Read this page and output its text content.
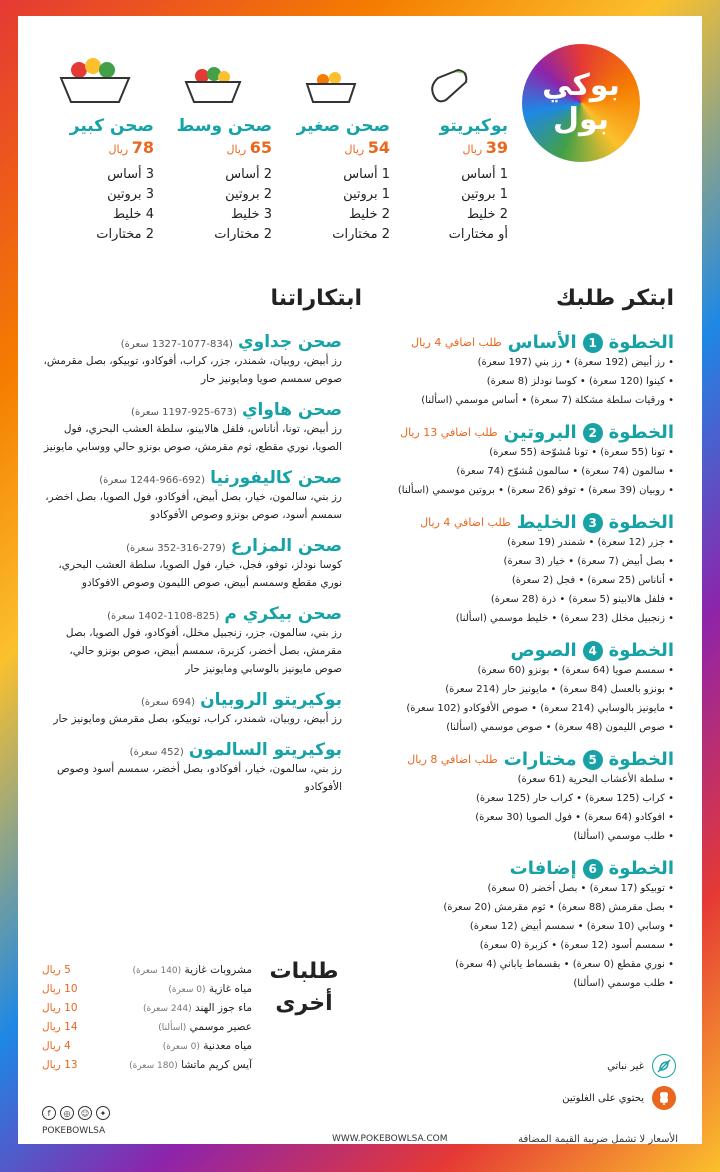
بوكي
بول
بوكيريتو
39 ريال
1 أساس
1 بروتين
2 خليط
أو مختارات
صحن صغير
54 ريال
1 أساس
1 بروتين
2 خليط
2 مختارات
صحن وسط
65 ريال
2 أساس
2 بروتين
3 خليط
2 مختارات
صحن كبير
78 ريال
3 أساس
3 بروتين
4 خليط
2 مختارات
ابتكر طلبك
ابتكاراتنا
الخطوة
1
الأساس
طلب اضافي 4 ريال
• رز أبيض (192 سعرة) • رز بني (197 سعرة)
• كينوا (120 سعرة) • كوسا نودلز (8 سعرة)
• ورقيات سلطة مشكلة (7 سعرة) • أساس موسمي (اسألنا)
الخطوة
2
البروتين
طلب اضافي 13 ريال
• تونا (55 سعرة) • تونا مُشوّحة (55 سعرة)
• سالمون (74 سعرة) • سالمون مُشوّح (74 سعرة)
• روبيان (39 سعرة) • توفو (26 سعرة) • بروتين موسمي (اسألنا)
الخطوة
3
الخليط
طلب اضافي 4 ريال
• جزر (12 سعرة) • شمندر (19 سعرة)
• بصل أبيض (7 سعرة) • خيار (3 سعرة)
• أناناس (25 سعرة) • فجل (2 سعرة)
• فلفل هالابينو (5 سعرة) • ذرة (28 سعرة)
• زنجبيل مخلل (23 سعرة) • خليط موسمي (اسألنا)
الخطوة
4
الصوص
• سمسم صويا (64 سعرة) • بونزو (60 سعرة)
• بونزو بالعسل (84 سعرة) • مايونيز حار (214 سعرة)
• مايونيز بالوسابي (214 سعرة) • صوص الأفوكادو (102 سعرة)
• صوص الليمون (48 سعرة) • صوص موسمي (اسألنا)
الخطوة
5
مختارات
طلب اضافي 8 ريال
• سلطة الأعشاب البحرية (61 سعرة)
• كراب (125 سعرة) • كراب حار (125 سعرة)
• افوكادو (64 سعرة) • فول الصويا (30 سعرة)
• طلب موسمي (اسألنا)
الخطوة
6
إضافات
• توبيكو (17 سعرة) • بصل أخضر (0 سعرة)
• بصل مقرمش (88 سعرة) • ثوم مقرمش (20 سعرة)
• وسابي (10 سعرة) • سمسم أبيض (12 سعرة)
• سمسم أسود (12 سعرة) • كزبرة (0 سعرة)
• نوري مقطع (0 سعرة) • بقسماط ياباني (4 سعرة)
• طلب موسمي (اسألنا)
صحن جداوي (834-1077-1327 سعرة)
رز أبيض، روبيان، شمندر، جزر، كراب، أفوكادو، توبيكو، بصل مقرمش، صوص سمسم صويا ومايونيز حار
صحن هاواي (673-925-1197 سعرة)
رز أبيض، تونا، أناناس، فلفل هالابينو، سلطة العشب البحري، فول الصويا، نوري مقطع، ثوم مقرمش، صوص بونزو حالي ووسابي مايونيز
صحن كاليفورنيا (692-966-1244 سعرة)
رز بني، سالمون، خيار، بصل أبيض، أفوكادو، فول الصويا، بصل اخضر، سمسم أسود، صوص بونزو وصوص الأفوكادو
صحن المزارع (279-316-352 سعرة)
كوسا نودلز، توفو، فجل، خيار، فول الصويا، سلطة العشب البحري، نوري مقطع وسمسم أبيض، صوص الليمون وصوص الافوكادو
صحن بيكري م (825-1108-1402 سعرة)
رز بني، سالمون، جزر، زنجبيل مخلل، أفوكادو، فول الصويا، بصل مقرمش، بصل أخضر، كزبرة، سمسم أبيض، صوص بونزو حالي، صوص مايونيز بالوسابي ومايونيز حار
بوكيريتو الروبيان (694 سعرة)
رز أبيض، روبيان، شمندر، كراب، توبيكو، بصل مقرمش ومايونيز حار
بوكيريتو السالمون (452 سعرة)
رز بني، سالمون، خيار، أفوكادو، بصل أخضر، سمسم أسود وصوص الأفوكادو
طلبات
أخرى
مشروبات غازية (140 سعرة)
5 ريال
مياه غازية (0 سعرة)
10 ريال
ماء جوز الهند (244 سعرة)
10 ريال
عصير موسمي (اسألنا)
14 ريال
مياه معدنية (0 سعرة)
4 ريال
آيس كريم ماتشا (180 سعرة)
13 ريال	غير نباتي
يحتوي على الغلوتين
f	◎	☺	✦
POKEBOWLSA
WWW.POKEBOWLSA.COM	الأسعار لا تشمل ضريبة القيمة المضافة
